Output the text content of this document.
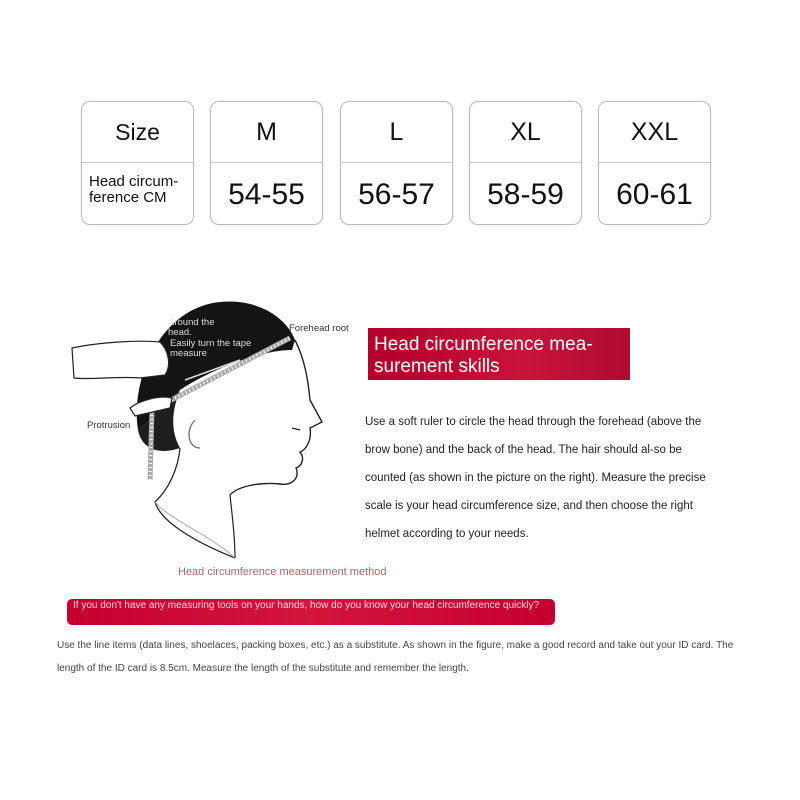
Size
Head circum-ference CM
M
54-55
L
56-57
XL
58-59
XXL
60-61
Around the head.
Easily turn the tape measure
Forehead root
Protrusion
Head circumference measurement method
Head circumference mea-surement skills
Use a soft ruler to circle the head through the forehead (above the brow bone) and the back of the head. The hair should al-so be counted (as shown in the picture on the right). Measure the precise scale is your head circumference size, and then choose the right helmet according to your needs.
If you don't have any measuring tools on your hands, how do you know your head circumference quickly?
Use the line items (data lines, shoelaces, packing boxes, etc.) as a substitute. As shown in the figure, make a good record and take out your ID card. The length of the ID card is 8.5cm. Measure the length of the substitute and remember the length.
